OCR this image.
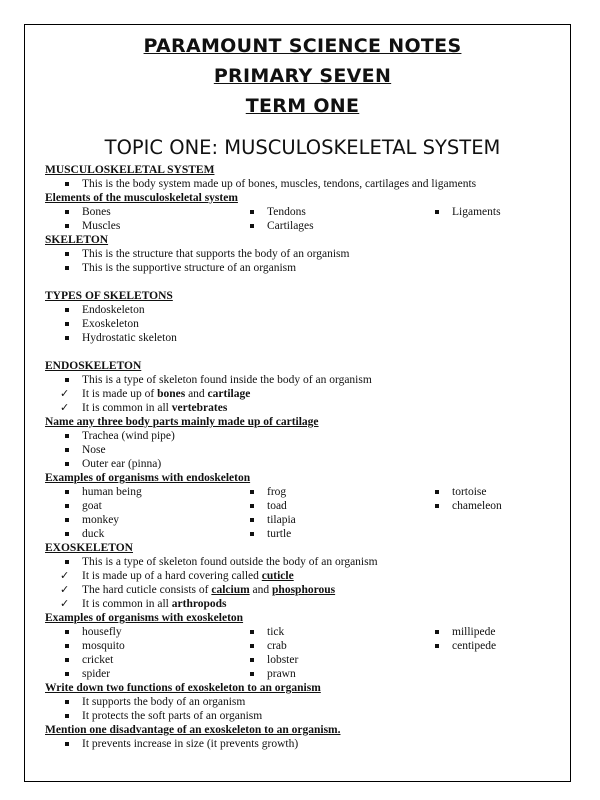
PARAMOUNT SCIENCE NOTES
PRIMARY SEVEN
TERM ONE
TOPIC ONE: MUSCULOSKELETAL SYSTEM
MUSCULOSKELETAL SYSTEM
This is the body system made up of bones, muscles, tendons, cartilages and ligaments
Elements of the musculoskeletal system
Bones
Muscles
Tendons
Cartilages
Ligaments
SKELETON
This is the structure that supports the body of an organism
This is the supportive structure of an organism
TYPES OF SKELETONS
Endoskeleton
Exoskeleton
Hydrostatic skeleton
ENDOSKELETON
This is a type of skeleton found inside the body of an organism
✓ It is made up of bones and cartilage
✓ It is common in all vertebrates
Name any three body parts mainly made up of cartilage
Trachea (wind pipe)
Nose
Outer ear (pinna)
Examples of organisms with endoskeleton
human being
goat
monkey
duck
frog
toad
tilapia
turtle
tortoise
chameleon
EXOSKELETON
This is a type of skeleton found outside the body of an organism
✓ It is made up of a hard covering called cuticle
✓ The hard cuticle consists of calcium and phosphorous
✓ It is common in all arthropods
Examples of organisms with exoskeleton
housefly
mosquito
cricket
spider
tick
crab
lobster
prawn
millipede
centipede
Write down two functions of exoskeleton to an organism
It supports the body of an organism
It protects the soft parts of an organism
Mention one disadvantage of an exoskeleton to an organism.
It prevents increase in size (it prevents growth)
